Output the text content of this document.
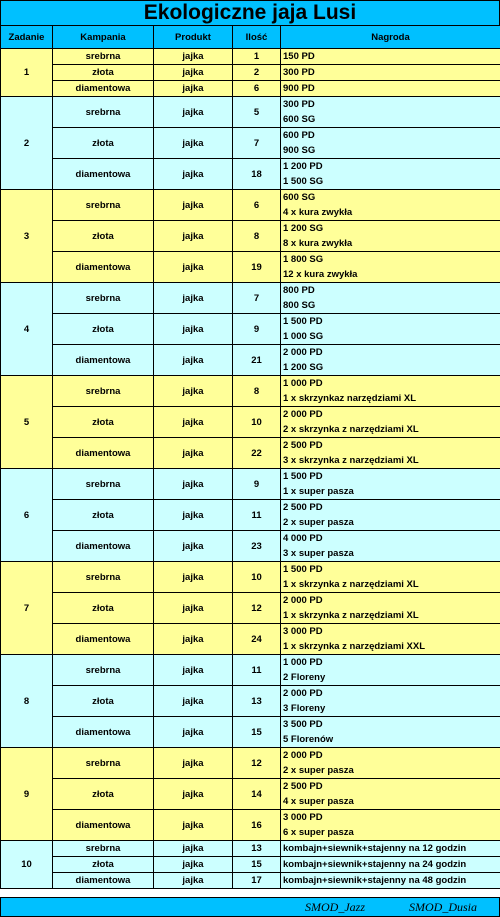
Ekologiczne jaja Lusi
Zadanie	Kampania	Produkt	Ilość	Nagroda
1	srebrna	jajka	1	150 PD

	złota	jajka	2	300 PD

	diamentowa	jajka	6	900 PD

2	srebrna	jajka	5	300 PD
600 SG

	złota	jajka	7	600 PD
900 SG

	diamentowa	jajka	18	1 200 PD
1 500 SG

3	srebrna	jajka	6	600 SG
4 x kura zwykła

	złota	jajka	8	1 200 SG
8 x kura zwykła

	diamentowa	jajka	19	1 800 SG
12 x kura zwykła

4	srebrna	jajka	7	800 PD
800 SG

	złota	jajka	9	1 500 PD
1 000 SG

	diamentowa	jajka	21	2 000 PD
1 200 SG

5	srebrna	jajka	8	1 000 PD
1 x skrzynkaz narzędziami XL

	złota	jajka	10	2 000 PD
2 x skrzynka z narzędziami XL

	diamentowa	jajka	22	2 500 PD
3 x skrzynka z narzędziami XL

6	srebrna	jajka	9	1 500 PD
1 x super pasza

	złota	jajka	11	2 500 PD
2 x super pasza

	diamentowa	jajka	23	4 000 PD
3 x super pasza

7	srebrna	jajka	10	1 500 PD
1 x skrzynka z narzędziami XL

	złota	jajka	12	2 000 PD
1 x skrzynka z narzędziami XL

	diamentowa	jajka	24	3 000 PD
1 x skrzynka z narzędziami XXL

8	srebrna	jajka	11	1 000 PD
2 Floreny

	złota	jajka	13	2 000 PD
3 Floreny

	diamentowa	jajka	15	3 500 PD
5 Florenów

9	srebrna	jajka	12	2 000 PD
2 x super pasza

	złota	jajka	14	2 500 PD
4 x super pasza

	diamentowa	jajka	16	3 000 PD
6 x super pasza

10	srebrna	jajka	13	kombajn+siewnik+stajenny na 12 godzin

	złota	jajka	15	kombajn+siewnik+stajenny na 24 godzin

	diamentowa	jajka	17	kombajn+siewnik+stajenny na 48 godzin
SMOD_Jazz	SMOD_Dusia
